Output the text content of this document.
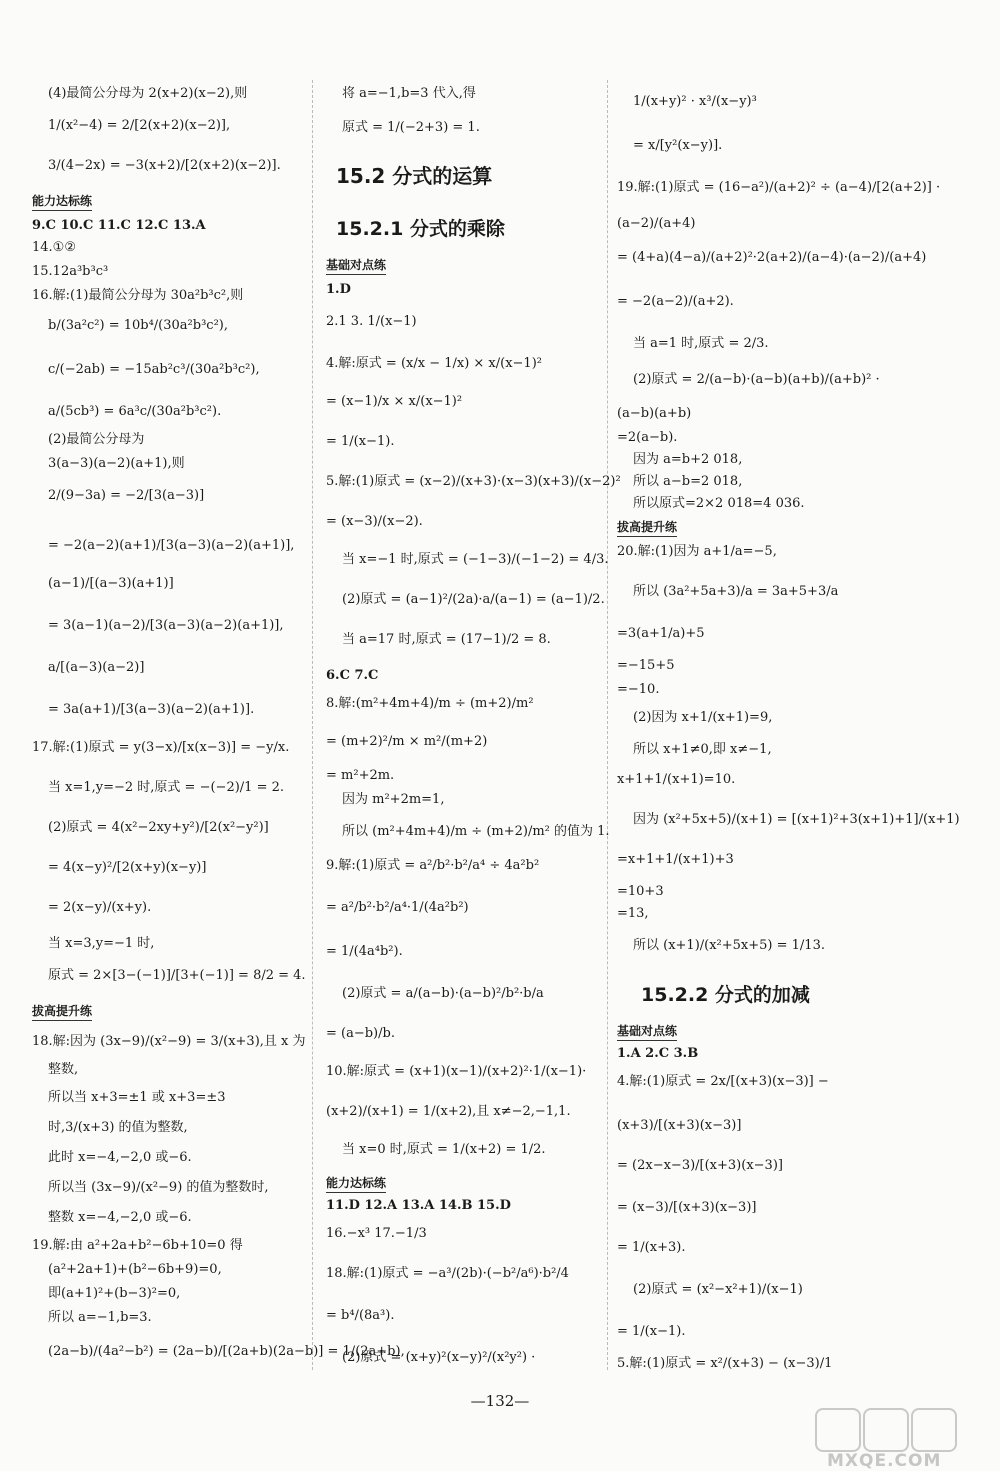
(4)最简公分母为 2(x+2)(x−2),则
1/(x²−4) = 2/[2(x+2)(x−2)],
3/(4−2x) = −3(x+2)/[2(x+2)(x−2)].
能力达标练
9.C 10.C 11.C 12.C 13.A
14.①②
15.12a³b³c³
16.解:(1)最简公分母为 30a²b³c²,则
b/(3a²c²) = 10b⁴/(30a²b³c²),
c/(−2ab) = −15ab²c³/(30a²b³c²),
a/(5cb³) = 6a³c/(30a²b³c²).
(2)最简公分母为
3(a−3)(a−2)(a+1),则
2/(9−3a) = −2/[3(a−3)]
= −2(a−2)(a+1)/[3(a−3)(a−2)(a+1)],
(a−1)/[(a−3)(a+1)]
= 3(a−1)(a−2)/[3(a−3)(a−2)(a+1)],
a/[(a−3)(a−2)]
= 3a(a+1)/[3(a−3)(a−2)(a+1)].
17.解:(1)原式 = y(3−x)/[x(x−3)] = −y/x.
当 x=1,y=−2 时,原式 = −(−2)/1 = 2.
(2)原式 = 4(x²−2xy+y²)/[2(x²−y²)]
= 4(x−y)²/[2(x+y)(x−y)]
= 2(x−y)/(x+y).
当 x=3,y=−1 时,
原式 = 2×[3−(−1)]/[3+(−1)] = 8/2 = 4.
拔高提升练
18.解:因为 (3x−9)/(x²−9) = 3/(x+3),且 x 为
整数,
所以当 x+3=±1 或 x+3=±3
时,3/(x+3) 的值为整数,
此时 x=−4,−2,0 或−6.
所以当 (3x−9)/(x²−9) 的值为整数时,
整数 x=−4,−2,0 或−6.
19.解:由 a²+2a+b²−6b+10=0 得
(a²+2a+1)+(b²−6b+9)=0,
即(a+1)²+(b−3)²=0,
所以 a=−1,b=3.
(2a−b)/(4a²−b²) = (2a−b)/[(2a+b)(2a−b)] = 1/(2a+b),
将 a=−1,b=3 代入,得
原式 = 1/(−2+3) = 1.
15.2 分式的运算
15.2.1 分式的乘除
基础对点练
1.D
2.1 3. 1/(x−1)
4.解:原式 = (x/x − 1/x) × x/(x−1)²
= (x−1)/x × x/(x−1)²
= 1/(x−1).
5.解:(1)原式 = (x−2)/(x+3)·(x−3)(x+3)/(x−2)²
= (x−3)/(x−2).
当 x=−1 时,原式 = (−1−3)/(−1−2) = 4/3.
(2)原式 = (a−1)²/(2a)·a/(a−1) = (a−1)/2.
当 a=17 时,原式 = (17−1)/2 = 8.
6.C 7.C
8.解:(m²+4m+4)/m ÷ (m+2)/m²
= (m+2)²/m × m²/(m+2)
= m²+2m.
因为 m²+2m=1,
所以 (m²+4m+4)/m ÷ (m+2)/m² 的值为 1.
9.解:(1)原式 = a²/b²·b²/a⁴ ÷ 4a²b²
= a²/b²·b²/a⁴·1/(4a²b²)
= 1/(4a⁴b²).
(2)原式 = a/(a−b)·(a−b)²/b²·b/a
= (a−b)/b.
10.解:原式 = (x+1)(x−1)/(x+2)²·1/(x−1)·
(x+2)/(x+1) = 1/(x+2),且 x≠−2,−1,1.
当 x=0 时,原式 = 1/(x+2) = 1/2.
能力达标练
11.D 12.A 13.A 14.B 15.D
16.−x³ 17.−1/3
18.解:(1)原式 = −a³/(2b)·(−b²/a⁶)·b²/4
= b⁴/(8a³).
(2)原式 = (x+y)²(x−y)²/(x²y²) ·
1/(x+y)² · x³/(x−y)³
= x/[y²(x−y)].
19.解:(1)原式 = (16−a²)/(a+2)² ÷ (a−4)/[2(a+2)] ·
(a−2)/(a+4)
= (4+a)(4−a)/(a+2)²·2(a+2)/(a−4)·(a−2)/(a+4)
= −2(a−2)/(a+2).
当 a=1 时,原式 = 2/3.
(2)原式 = 2/(a−b)·(a−b)(a+b)/(a+b)² ·
(a−b)(a+b)
=2(a−b).
因为 a=b+2 018,
所以 a−b=2 018,
所以原式=2×2 018=4 036.
拔高提升练
20.解:(1)因为 a+1/a=−5,
所以 (3a²+5a+3)/a = 3a+5+3/a
=3(a+1/a)+5
=−15+5
=−10.
(2)因为 x+1/(x+1)=9,
所以 x+1≠0,即 x≠−1,
x+1+1/(x+1)=10.
因为 (x²+5x+5)/(x+1) = [(x+1)²+3(x+1)+1]/(x+1)
=x+1+1/(x+1)+3
=10+3
=13,
所以 (x+1)/(x²+5x+5) = 1/13.
15.2.2 分式的加减
基础对点练
1.A 2.C 3.B
4.解:(1)原式 = 2x/[(x+3)(x−3)] −
(x+3)/[(x+3)(x−3)]
= (2x−x−3)/[(x+3)(x−3)]
= (x−3)/[(x+3)(x−3)]
= 1/(x+3).
(2)原式 = (x²−x²+1)/(x−1)
= 1/(x−1).
5.解:(1)原式 = x²/(x+3) − (x−3)/1
—132—
MXQE.COM
